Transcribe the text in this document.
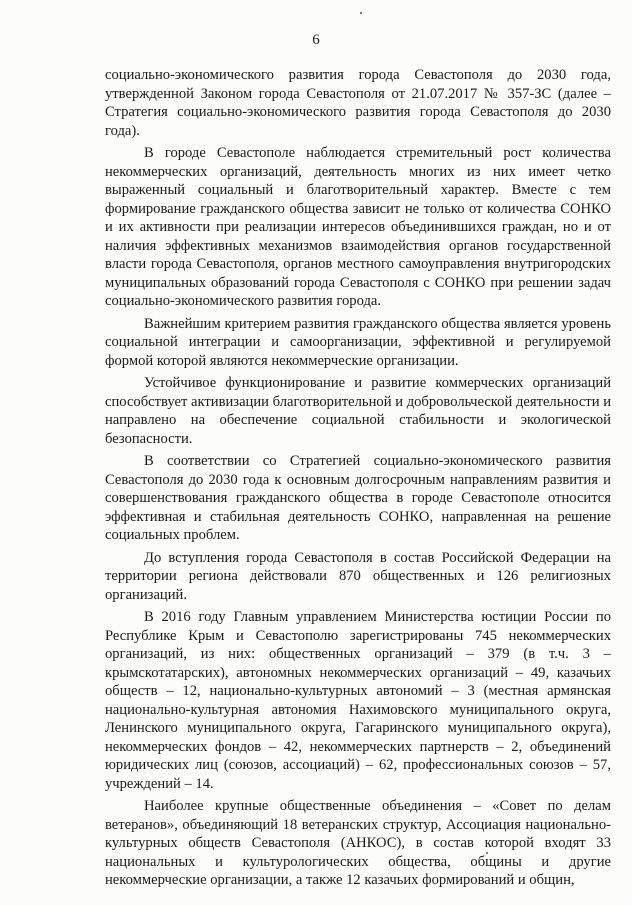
6

социально-экономического развития города Севастополя до 2030 года, утвержденной Законом города Севастополя от 21.07.2017 № 357-ЗС (далее – Стратегия социально-экономического развития города Севастополя до 2030 года).

В городе Севастополе наблюдается стремительный рост количества некоммерческих организаций, деятельность многих из них имеет четко выраженный социальный и благотворительный характер. Вместе с тем формирование гражданского общества зависит не только от количества СОНКО и их активности при реализации интересов объединившихся граждан, но и от наличия эффективных механизмов взаимодействия органов государственной власти города Севастополя, органов местного самоуправления внутригородских муниципальных образований города Севастополя с СОНКО при решении задач социально-экономического развития города.

Важнейшим критерием развития гражданского общества является уровень социальной интеграции и самоорганизации, эффективной и регулируемой формой которой являются некоммерческие организации.

Устойчивое функционирование и развитие коммерческих организаций способствует активизации благотворительной и добровольческой деятельности и направлено на обеспечение социальной стабильности и экологической безопасности.

В соответствии со Стратегией социально-экономического развития Севастополя до 2030 года к основным долгосрочным направлениям развития и совершенствования гражданского общества в городе Севастополе относится эффективная и стабильная деятельность СОНКО, направленная на решение социальных проблем.

До вступления города Севастополя в состав Российской Федерации на территории региона действовали 870 общественных и 126 религиозных организаций.

В 2016 году Главным управлением Министерства юстиции России по Республике Крым и Севастополю зарегистрированы 745 некоммерческих организаций, из них: общественных организаций – 379 (в т.ч. 3 – крымскотатарских), автономных некоммерческих организаций – 49, казачьих обществ – 12, национально-культурных автономий – 3 (местная армянская национально-культурная автономия Нахимовского муниципального округа, Ленинского муниципального округа, Гагаринского муниципального округа), некоммерческих фондов – 42, некоммерческих партнерств – 2, объединений юридических лиц (союзов, ассоциаций) – 62, профессиональных союзов – 57, учреждений – 14.

Наиболее крупные общественные объединения – «Совет по делам ветеранов», объединяющий 18 ветеранских структур, Ассоциация национально-культурных обществ Севастополя (АНКОС), в состав которой входят 33 национальных и культурологических общества, общины и другие некоммерческие организации, а также 12 казачьих формирований и общин,
